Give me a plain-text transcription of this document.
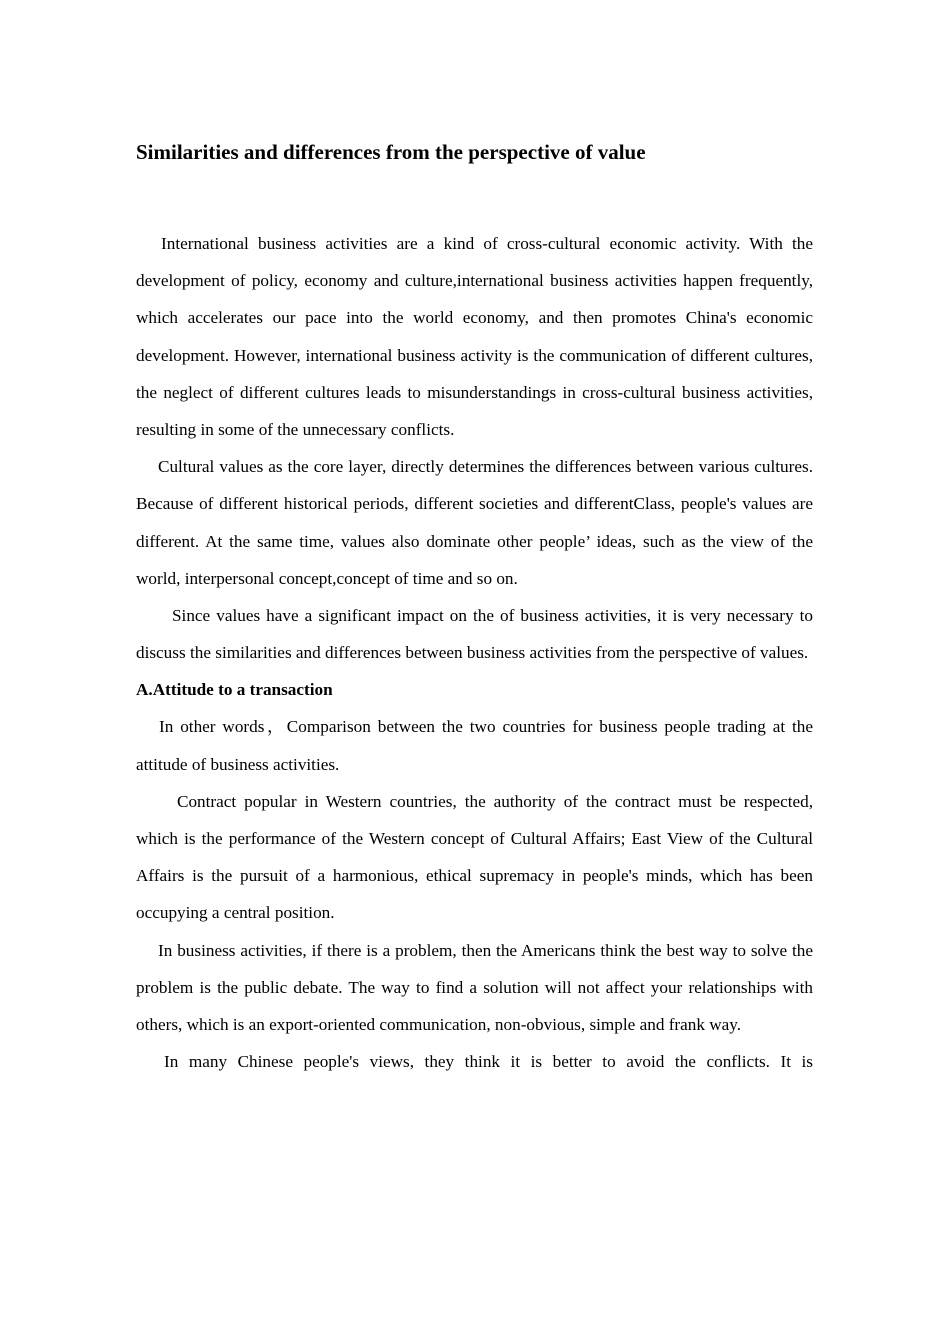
Similarities and differences from the perspective of value

International business activities are a kind of cross-cultural economic activity. With the development of policy, economy and culture,international business activities happen frequently, which accelerates our pace into the world economy, and then promotes China's economic development. However, international business activity is the communication of different cultures, the neglect of different cultures leads to misunderstandings in cross-cultural business activities, resulting in some of the unnecessary conflicts.

Cultural values as the core layer, directly determines the differences between various cultures. Because of different historical periods, different societies and differentClass, people's values are different. At the same time, values also dominate other people’ ideas, such as the view of the world, interpersonal concept,concept of time and so on.

Since values have a significant impact on the of business activities, it is very necessary to discuss the similarities and differences between business activities from the perspective of values.

A.Attitude to a transaction

In other words，Comparison between the two countries for business people trading at the attitude of business activities.

Contract popular in Western countries, the authority of the contract must be respected, which is the performance of the Western concept of Cultural Affairs; East View of the Cultural Affairs is the pursuit of a harmonious, ethical supremacy in people's minds, which has been occupying a central position.

In business activities, if there is a problem, then the Americans think the best way to solve the problem is the public debate. The way to find a solution will not affect your relationships with others, which is an export-oriented communication, non-obvious, simple and frank way.

In many Chinese people's views, they think it is better to avoid the conflicts. It is
